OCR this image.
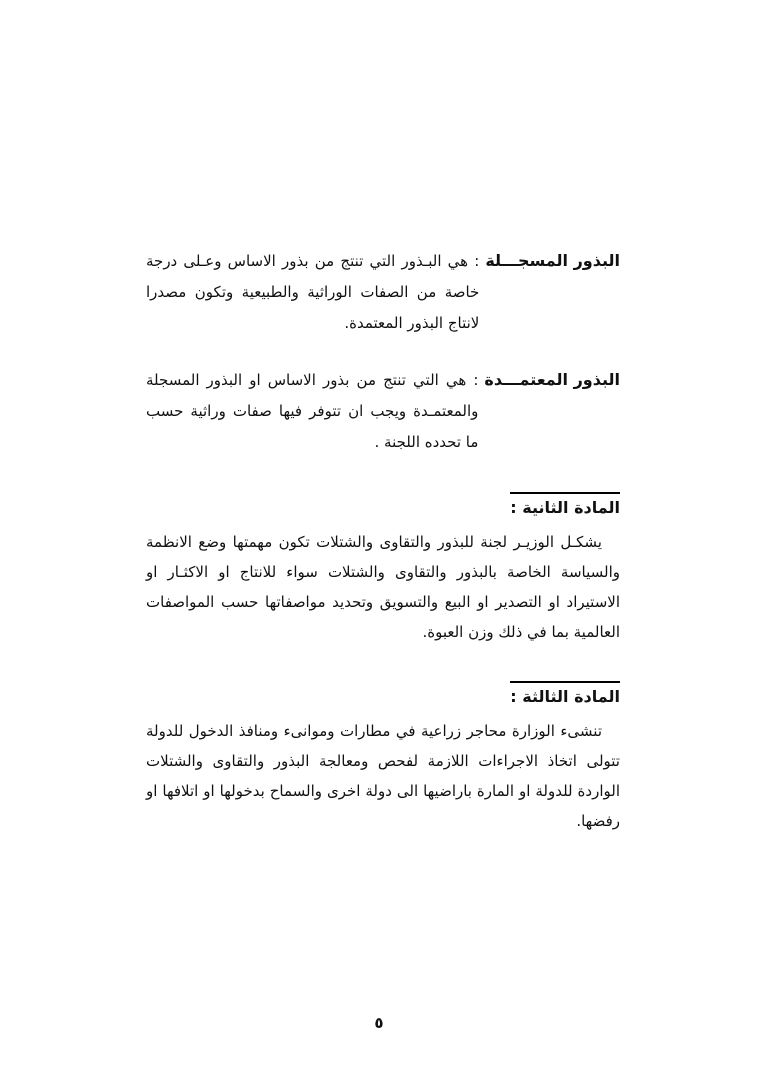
البذور المسجـــلة
: هي البـذور التي تنتج من بذور الاساس وعـلى درجة خاصة من الصفات الوراثية والطبيعية وتكون مصدرا لانتاج البذور المعتمدة.
البذور المعتمـــدة
: هي التي تنتج من بذور الاساس او البذور المسجلة والمعتمـدة ويجب ان تتوفر فيها صفات وراثية حسب ما تحدده اللجنة .
المادة الثانية :

يشكـل الوزيـر لجنة للبذور والتقاوى والشتلات تكون مهمتها وضع الانظمة والسياسة الخاصة بالبذور والتقاوى والشتلات سواء للانتاج او الاكثـار او الاستيراد او التصدير او البيع والتسويق وتحديد مواصفاتها حسب المواصفات العالمية بما في ذلك وزن العبوة.

المادة الثالثة :

تنشىء الوزارة محاجر زراعية في مطارات وموانىء ومنافذ الدخول للدولة تتولى اتخاذ الاجراءات اللازمة لفحص ومعالجة البذور والتقاوى والشتلات الواردة للدولة او المارة باراضيها الى دولة اخرى والسماح بدخولها او اتلافها او رفضها.

٥
